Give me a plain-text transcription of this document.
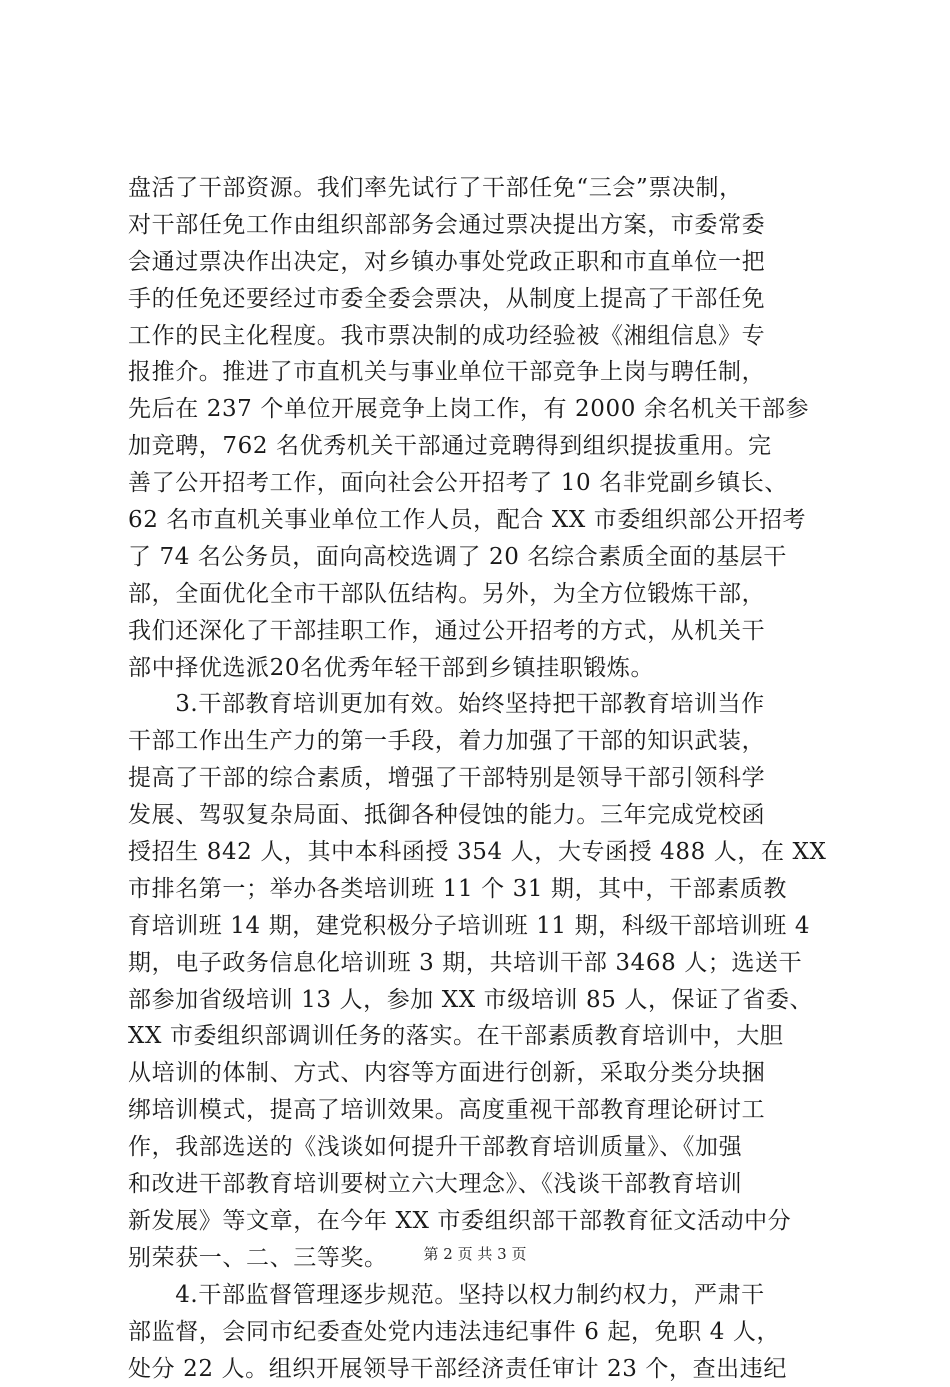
盘活了干部资源。我们率先试行了干部任免“三会”票决制，
对干部任免工作由组织部部务会通过票决提出方案，市委常委
会通过票决作出决定，对乡镇办事处党政正职和市直单位一把
手的任免还要经过市委全委会票决，从制度上提高了干部任免
工作的民主化程度。我市票决制的成功经验被《湘组信息》专
报推介。推进了市直机关与事业单位干部竞争上岗与聘任制，
先后在 237 个单位开展竞争上岗工作，有 2000 余名机关干部参
加竞聘，762 名优秀机关干部通过竞聘得到组织提拔重用。完
善了公开招考工作，面向社会公开招考了 10 名非党副乡镇长、
62 名市直机关事业单位工作人员，配合 XX 市委组织部公开招考
了 74 名公务员，面向高校选调了 20 名综合素质全面的基层干
部，全面优化全市干部队伍结构。另外，为全方位锻炼干部，
我们还深化了干部挂职工作，通过公开招考的方式，从机关干
部中择优选派20名优秀年轻干部到乡镇挂职锻炼。
　　3.干部教育培训更加有效。始终坚持把干部教育培训当作
干部工作出生产力的第一手段，着力加强了干部的知识武装，
提高了干部的综合素质，增强了干部特别是领导干部引领科学
发展、驾驭复杂局面、抵御各种侵蚀的能力。三年完成党校函
授招生 842 人，其中本科函授 354 人，大专函授 488 人，在 XX
市排名第一；举办各类培训班 11 个 31 期，其中，干部素质教
育培训班 14 期，建党积极分子培训班 11 期，科级干部培训班 4
期，电子政务信息化培训班 3 期，共培训干部 3468 人；选送干
部参加省级培训 13 人，参加 XX 市级培训 85 人，保证了省委、
XX 市委组织部调训任务的落实。在干部素质教育培训中，大胆
从培训的体制、方式、内容等方面进行创新，采取分类分块捆
绑培训模式，提高了培训效果。高度重视干部教育理论研讨工
作，我部选送的《浅谈如何提升干部教育培训质量》、《加强
和改进干部教育培训要树立六大理念》、《浅谈干部教育培训
新发展》等文章，在今年 XX 市委组织部干部教育征文活动中分
别荣获一、二、三等奖。
　　4.干部监督管理逐步规范。坚持以权力制约权力，严肃干
部监督，会同市纪委查处党内违法违纪事件 6 起，免职 4 人，
处分 22 人。组织开展领导干部经济责任审计 23 个，查出违纪
第 2 页 共 3 页
